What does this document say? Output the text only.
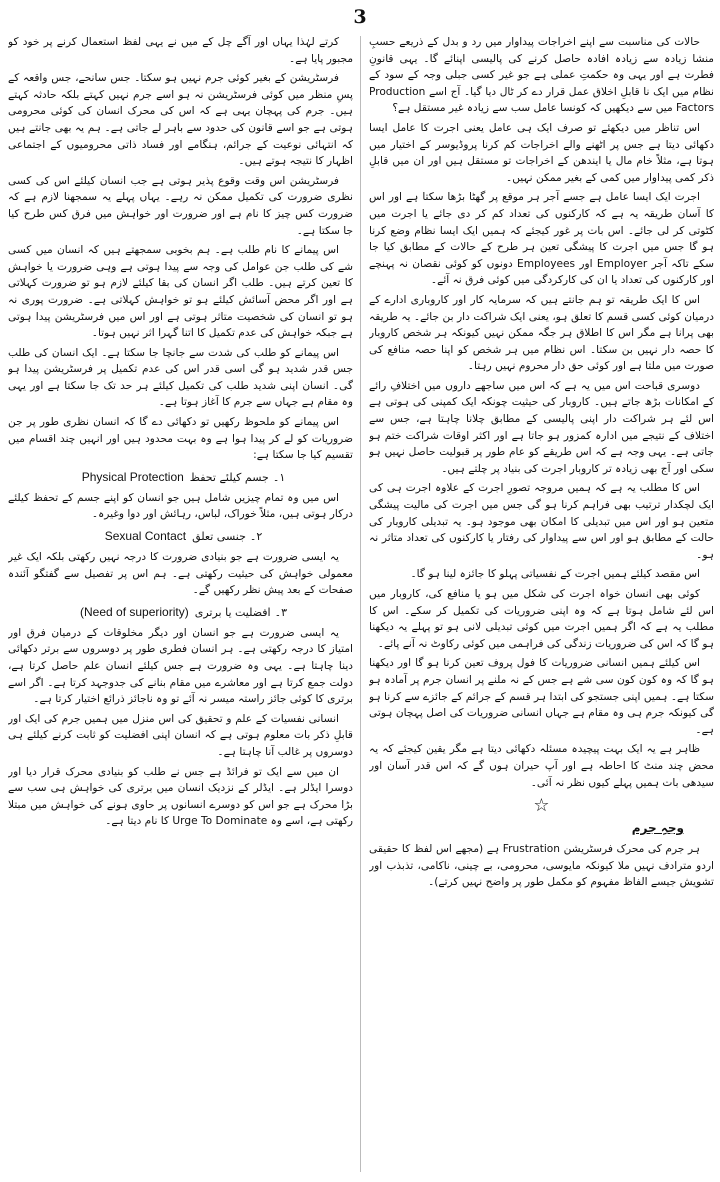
3

حالات کی مناسبت سے اپنے اخراجات پیداوار میں رد و بدل کے ذریعے حسبِ منشا زیادہ سے زیادہ افادہ حاصل کرنے کی پالیسی اپنائے گا۔ یہی قانونِ فطرت ہے اور یہی وہ حکمتِ عملی ہے جو غیر کسی جبلی وجہ کے سود کے نظام میں ایک نا قابلِ اخلاق عمل قرار دے کر ٹال دیا گیا۔ آج اسے Production Factors میں سے دیکھیں کہ کونسا عامل سب سے زیادہ غیر مستقل ہے؟

اس تناظر میں دیکھئے تو صرف ایک ہی عامل یعنی اجرت کا عامل ایسا دکھائی دیتا ہے جس پر اٹھنے والے اخراجات کم کرنا پروڈیوسر کے اختیار میں ہوتا ہے، مثلاً خام مال یا ایندھن کے اخراجات تو مستقل ہیں اور ان میں قابلِ ذکر کمی پیداوار میں کمی کے بغیر ممکن نہیں۔

اجرت ایک ایسا عامل ہے جسے آجر ہر موقع پر گھٹا بڑھا سکتا ہے اور اس کا آسان طریقہ یہ ہے کہ کارکنوں کی تعداد کم کر دی جائے یا اجرت میں کٹوتی کر لی جائے۔ اس بات پر غور کیجئے کہ ہمیں ایک ایسا نظام وضع کرنا ہو گا جس میں اجرت کا پیشگی تعین ہر طرح کے حالات کے مطابق کیا جا سکے تاکہ آجر Employer اور Employees دونوں کو کوئی نقصان نہ پہنچے اور کارکنوں کی تعداد یا ان کی کارکردگی میں کوئی فرق نہ آئے۔

اس کا ایک طریقہ تو ہم جانتے ہیں کہ سرمایہ کار اور کاروباری ادارے کے درمیان کوئی کسی قسم کا تعلق ہو، یعنی ایک شراکت دار بن جائے۔ یہ طریقہ بھی پرانا ہے مگر اس کا اطلاق ہر جگہ ممکن نہیں کیونکہ ہر شخص کاروبار کا حصہ دار نہیں بن سکتا۔ اس نظام میں ہر شخص کو اپنا حصہ منافع کی صورت میں ملتا ہے اور کوئی حق دار محروم نہیں رہتا۔

دوسری قباحت اس میں یہ ہے کہ اس میں ساجھے داروں میں اختلافِ رائے کے امکانات بڑھ جاتے ہیں۔ کاروبار کی حیثیت چونکہ ایک کمپنی کی ہوتی ہے اس لئے ہر شراکت دار اپنی پالیسی کے مطابق چلانا چاہتا ہے، جس سے اختلاف کے نتیجے میں ادارہ کمزور ہو جاتا ہے اور اکثر اوقات شراکت ختم ہو جاتی ہے۔ یہی وجہ ہے کہ اس طریقے کو عام طور پر قبولیت حاصل نہیں ہو سکی اور آج بھی زیادہ تر کاروبار اجرت کی بنیاد پر چلتے ہیں۔

اس کا مطلب یہ ہے کہ ہمیں مروجہ تصورِ اجرت کے علاوہ اجرت ہی کی ایک لچکدار ترتیب بھی فراہم کرنا ہو گی جس میں اجرت کی مالیت پیشگی متعین ہو اور اس میں تبدیلی کا امکان بھی موجود ہو۔ یہ تبدیلی کاروبار کی حالت کے مطابق ہو اور اس سے پیداوار کی رفتار یا کارکنوں کی تعداد متاثر نہ ہو۔

اس مقصد کیلئے ہمیں اجرت کے نفسیاتی پہلو کا جائزہ لینا ہو گا۔

کوئی بھی انسان خواہ اجرت کی شکل میں ہو یا منافع کی، کاروبار میں اس لئے شامل ہوتا ہے کہ وہ اپنی ضروریات کی تکمیل کر سکے۔ اس کا مطلب یہ ہے کہ اگر ہمیں اجرت میں کوئی تبدیلی لانی ہو تو پہلے یہ دیکھنا ہو گا کہ اس کی ضروریات زندگی کی فراہمی میں کوئی رکاوٹ نہ آنے پائے۔

اس کیلئے ہمیں انسانی ضروریات کا فول پروف تعین کرنا ہو گا اور دیکھنا ہو گا کہ وہ کون کون سی شے ہے جس کے نہ ملنے پر انسان جرم پر آمادہ ہو سکتا ہے۔ ہمیں اپنی جستجو کی ابتدا ہر قسم کے جرائم کے جائزے سے کرنا ہو گی کیونکہ جرم ہی وہ مقام ہے جہاں انسانی ضروریات کی اصل پہچان ہوتی ہے۔

ظاہر ہے یہ ایک بہت پیچیدہ مسئلہ دکھائی دیتا ہے مگر یقین کیجئے کہ یہ محض چند منٹ کا احاطہ ہے اور آپ حیران ہوں گے کہ اس قدر آسان اور سیدھی بات ہمیں پہلے کیوں نظر نہ آئی۔

☆
وجہِ جرم

ہر جرم کی محرک فرسٹریشن Frustration ہے (مجھے اس لفظ کا حقیقی اردو مترادف نہیں ملا کیونکہ مایوسی، محرومی، بے چینی، ناکامی، تذبذب اور تشویش جیسے الفاظ مفہوم کو مکمل طور پر واضح نہیں کرتے)۔

کرتے لہٰذا یہاں اور آگے چل کے میں نے یہی لفظ استعمال کرنے پر خود کو مجبور پایا ہے۔

فرسٹریشن کے بغیر کوئی جرم نہیں ہو سکتا۔ جس سانحے، جس واقعہ کے پسِ منظر میں کوئی فرسٹریشن نہ ہو اسے جرم نہیں کہتے بلکہ حادثہ کہتے ہیں۔ جرم کی پہچان یہی ہے کہ اس کی محرک انسان کی کوئی محرومی ہوتی ہے جو اسے قانون کی حدود سے باہر لے جاتی ہے۔ ہم یہ بھی جانتے ہیں کہ انتہائی نوعیت کے جرائم، ہنگامے اور فساد ذاتی محرومیوں کے اجتماعی اظہار کا نتیجہ ہوتے ہیں۔

فرسٹریشن اس وقت وقوع پذیر ہوتی ہے جب انسان کیلئے اس کی کسی نظری ضرورت کی تکمیل ممکن نہ رہے۔ یہاں پہلے یہ سمجھنا لازم ہے کہ ضرورت کس چیز کا نام ہے اور ضرورت اور خواہش میں فرق کس طرح کیا جا سکتا ہے۔

اس پیمانے کا نام طلب ہے۔ ہم بخوبی سمجھتے ہیں کہ انسان میں کسی شے کی طلب جن عوامل کی وجہ سے پیدا ہوتی ہے وہی ضرورت یا خواہش کا تعین کرتے ہیں۔ طلب اگر انسان کی بقا کیلئے لازم ہو تو ضرورت کہلاتی ہے اور اگر محض آسائش کیلئے ہو تو خواہش کہلاتی ہے۔ ضرورت پوری نہ ہو تو انسان کی شخصیت متاثر ہوتی ہے اور اس میں فرسٹریشن پیدا ہوتی ہے جبکہ خواہش کی عدم تکمیل کا اتنا گہرا اثر نہیں ہوتا۔

اس پیمانے کو طلب کی شدت سے جانچا جا سکتا ہے۔ ایک انسان کی طلب جس قدر شدید ہو گی اسی قدر اس کی عدم تکمیل پر فرسٹریشن پیدا ہو گی۔ انسان اپنی شدید طلب کی تکمیل کیلئے ہر حد تک جا سکتا ہے اور یہی وہ مقام ہے جہاں سے جرم کا آغاز ہوتا ہے۔

اس پیمانے کو ملحوظ رکھیں تو دکھائی دے گا کہ انسان نظری طور پر جن ضروریات کو لے کر پیدا ہوا ہے وہ بہت محدود ہیں اور انہیں چند اقسام میں تقسیم کیا جا سکتا ہے:

۱۔جسم کیلئے تحفظPhysical Protection

اس میں وہ تمام چیزیں شامل ہیں جو انسان کو اپنے جسم کے تحفظ کیلئے درکار ہوتی ہیں، مثلاً خوراک، لباس، رہائش اور دوا وغیرہ۔

۲۔جنسی تعلقSexual Contact

یہ ایسی ضرورت ہے جو بنیادی ضرورت کا درجہ نہیں رکھتی بلکہ ایک غیر معمولی خواہش کی حیثیت رکھتی ہے۔ ہم اس پر تفصیل سے گفتگو آئندہ صفحات کے بعد پیش نظر رکھیں گے۔

۳۔افضلیت یا برتری(Need of superiority)

یہ ایسی ضرورت ہے جو انسان اور دیگر مخلوقات کے درمیان فرق اور امتیاز کا درجہ رکھتی ہے۔ ہر انسان فطری طور پر دوسروں سے برتر دکھائی دینا چاہتا ہے۔ یہی وہ ضرورت ہے جس کیلئے انسان علم حاصل کرتا ہے، دولت جمع کرتا ہے اور معاشرے میں مقام بنانے کی جدوجہد کرتا ہے۔ اگر اسے برتری کا کوئی جائز راستہ میسر نہ آئے تو وہ ناجائز ذرائع اختیار کرتا ہے۔

انسانی نفسیات کے علم و تحقیق کی اس منزل میں ہمیں جرم کی ایک اور قابلِ ذکر بات معلوم ہوتی ہے کہ انسان اپنی افضلیت کو ثابت کرنے کیلئے ہی دوسروں پر غالب آنا چاہتا ہے۔

ان میں سے ایک تو فرائڈ ہے جس نے طلب کو بنیادی محرک قرار دیا اور دوسرا ایڈلر ہے۔ ایڈلر کے نزدیک انسان میں برتری کی خواہش ہی سب سے بڑا محرک ہے جو اس کو دوسرے انسانوں پر حاوی ہونے کی خواہش میں مبتلا رکھتی ہے، اسے وہ Urge To Dominate کا نام دیتا ہے۔
